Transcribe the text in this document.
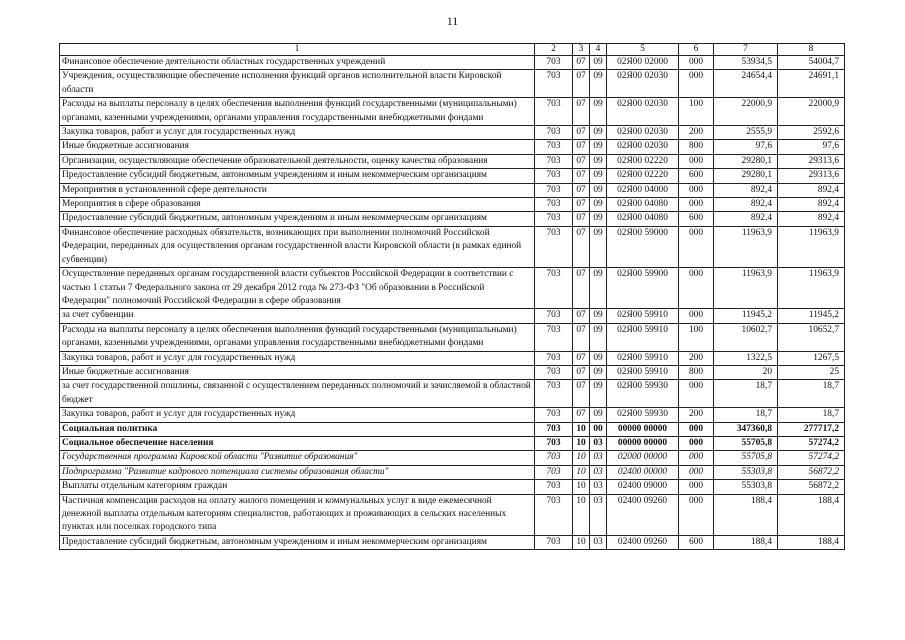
11
1	2	3	4	5	6	7	8
Финансовое обеспечение деятельности областных государственных учреждений	703	07	09	02Я00 02000	000	53934,5	54004,7
Учреждения, осуществляющие обеспечение исполнения функций органов исполнительной власти Кировской области	703	07	09	02Я00 02030	000	24654,4	24691,1
Расходы на выплаты персоналу в целях обеспечения выполнения функций государственными (муниципальными) органами, казенными учреждениями, органами управления государственными внебюджетными фондами	703	07	09	02Я00 02030	100	22000,9	22000,9
Закупка товаров, работ и услуг для государственных нужд	703	07	09	02Я00 02030	200	2555,9	2592,6
Иные бюджетные ассигнования	703	07	09	02Я00 02030	800	97,6	97,6
Организации, осуществляющие обеспечение образовательной деятельности, оценку качества образования	703	07	09	02Я00 02220	000	29280,1	29313,6
Предоставление субсидий бюджетным, автономным учреждениям и иным некоммерческим организациям	703	07	09	02Я00 02220	600	29280,1	29313,6
Мероприятия в установленной сфере деятельности	703	07	09	02Я00 04000	000	892,4	892,4
Мероприятия в сфере образования	703	07	09	02Я00 04080	000	892,4	892,4
Предоставление субсидий бюджетным, автономным учреждениям и иным некоммерческим организациям	703	07	09	02Я00 04080	600	892,4	892,4
Финансовое обеспечение расходных обязательств, возникающих при выполнении полномочий Российской Федерации, переданных для осуществления органам государственной власти Кировской области (в рамках единой субвенции)	703	07	09	02Я00 59000	000	11963,9	11963,9
Осуществление переданных органам государственной власти субъектов Российской Федерации в соответствии с частью 1 статьи 7 Федерального закона от 29 декабря 2012 года № 273-ФЗ "Об образовании в Российской Федерации" полномочий Российской Федерации в сфере образования	703	07	09	02Я00 59900	000	11963,9	11963,9
за счет субвенции	703	07	09	02Я00 59910	000	11945,2	11945,2
Расходы на выплаты персоналу в целях обеспечения выполнения функций государственными (муниципальными) органами, казенными учреждениями, органами управления государственными внебюджетными фондами	703	07	09	02Я00 59910	100	10602,7	10652,7
Закупка товаров, работ и услуг для государственных нужд	703	07	09	02Я00 59910	200	1322,5	1267,5
Иные бюджетные ассигнования	703	07	09	02Я00 59910	800	20	25
за счет государственной пошлины, связанной с осуществлением переданных полномочий и зачисляемой в областной бюджет	703	07	09	02Я00 59930	000	18,7	18,7
Закупка товаров, работ и услуг для государственных нужд	703	07	09	02Я00 59930	200	18,7	18,7
Социальная политика	703	10	00	00000 00000	000	347360,8	277717,2
Социальное обеспечение населения	703	10	03	00000 00000	000	55705,8	57274,2
Государственная программа Кировской области "Развитие образования"	703	10	03	02000 00000	000	55705,8	57274,2
Подпрограмма "Развитие кадрового потенциала системы образования области"	703	10	03	02400 00000	000	55303,8	56872,2
Выплаты отдельным категориям граждан	703	10	03	02400 09000	000	55303,8	56872,2
Частичная компенсация расходов на оплату жилого помещения и коммунальных услуг в виде ежемесячной денежной выплаты отдельным категориям специалистов, работающих и проживающих в сельских населенных пунктах или поселках городского типа	703	10	03	02400 09260	000	188,4	188,4
Предоставление субсидий бюджетным, автономным учреждениям и иным некоммерческим организациям	703	10	03	02400 09260	600	188,4	188,4
